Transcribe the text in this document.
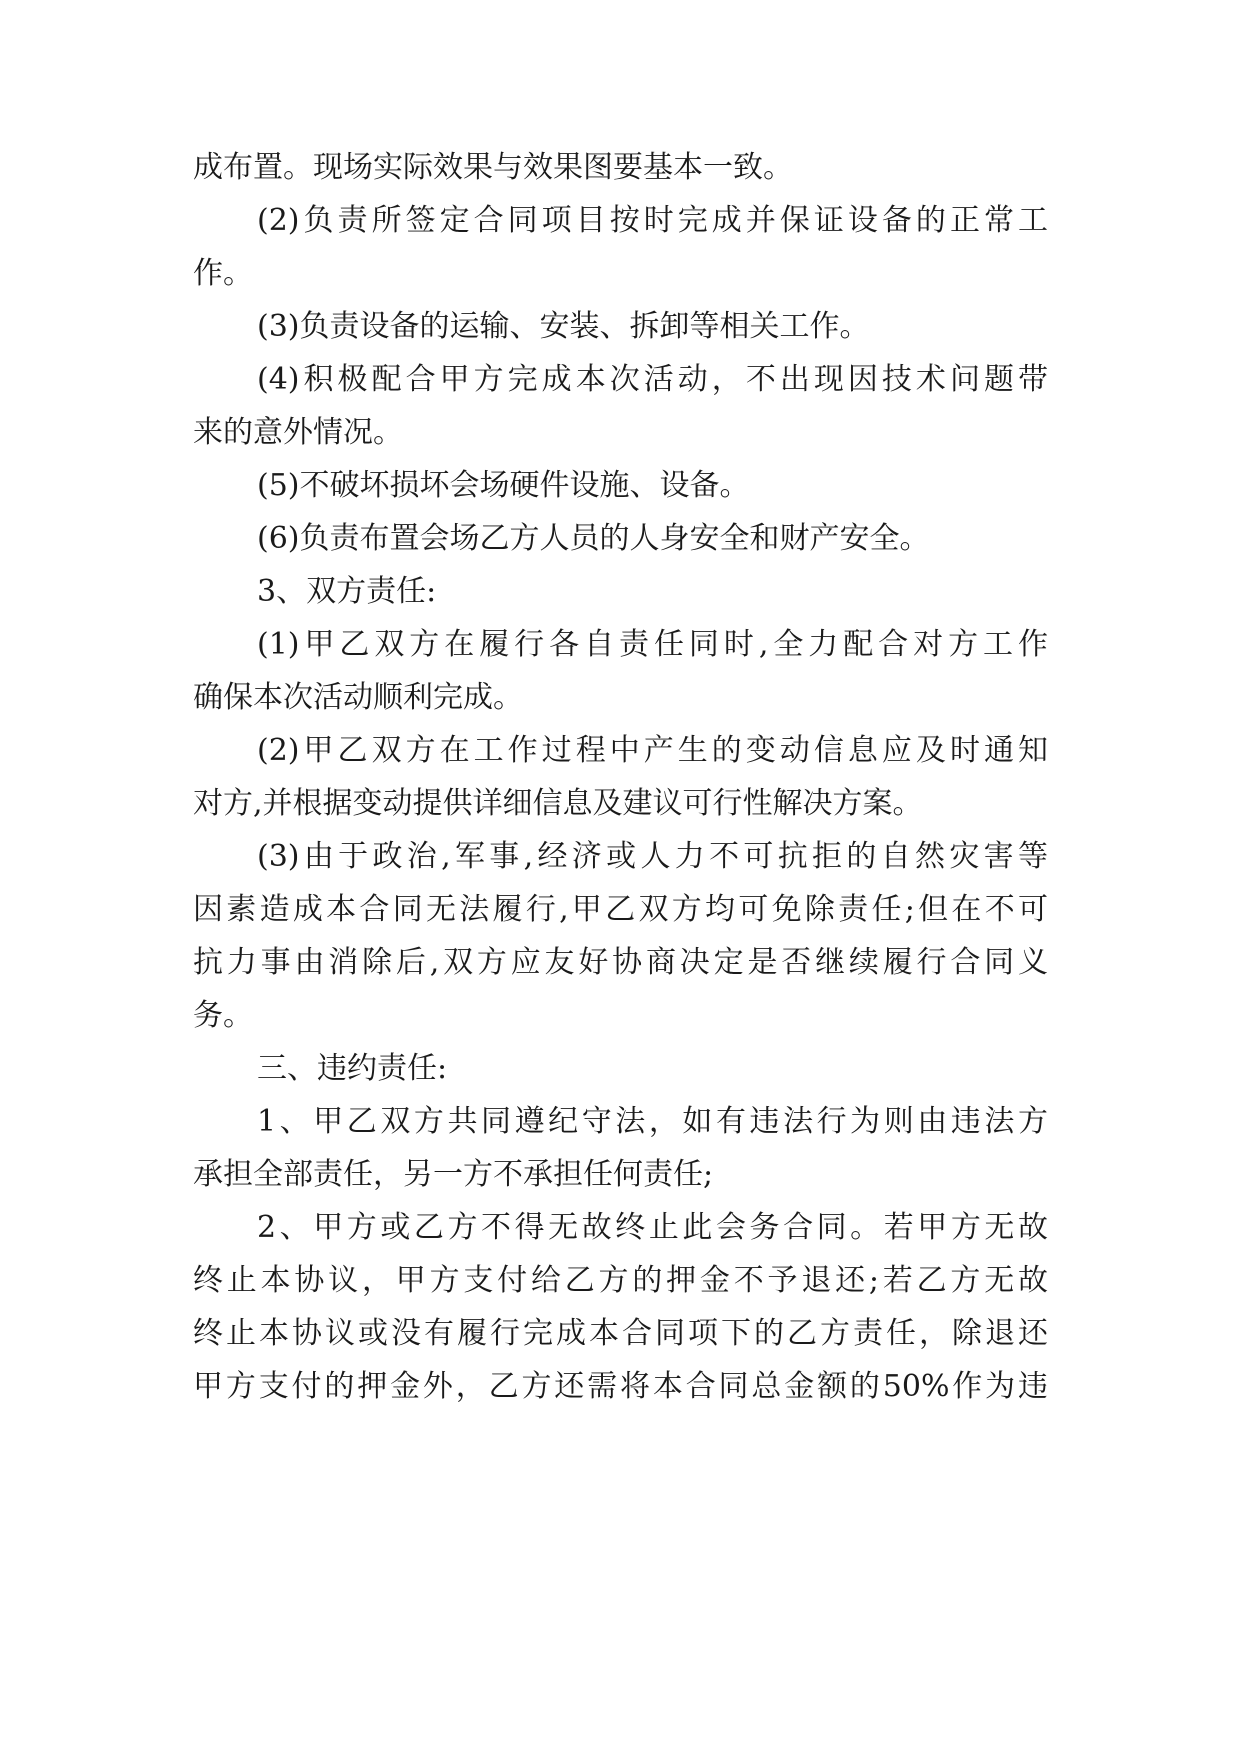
成布置。现场实际效果与效果图要基本一致。
(2)负责所签定合同项目按时完成并保证设备的正常工
作。
(3)负责设备的运输、安装、拆卸等相关工作。
(4)积极配合甲方完成本次活动，不出现因技术问题带
来的意外情况。
(5)不破坏损坏会场硬件设施、设备。
(6)负责布置会场乙方人员的人身安全和财产安全。
3、双方责任:
(1)甲乙双方在履行各自责任同时,全力配合对方工作
确保本次活动顺利完成。
(2)甲乙双方在工作过程中产生的变动信息应及时通知
对方,并根据变动提供详细信息及建议可行性解决方案。
(3)由于政治,军事,经济或人力不可抗拒的自然灾害等
因素造成本合同无法履行,甲乙双方均可免除责任;但在不可
抗力事由消除后,双方应友好协商决定是否继续履行合同义
务。
三、违约责任:
1、甲乙双方共同遵纪守法，如有违法行为则由违法方
承担全部责任，另一方不承担任何责任;
2、甲方或乙方不得无故终止此会务合同。若甲方无故
终止本协议，甲方支付给乙方的押金不予退还;若乙方无故
终止本协议或没有履行完成本合同项下的乙方责任，除退还
甲方支付的押金外，乙方还需将本合同总金额的50%作为违
